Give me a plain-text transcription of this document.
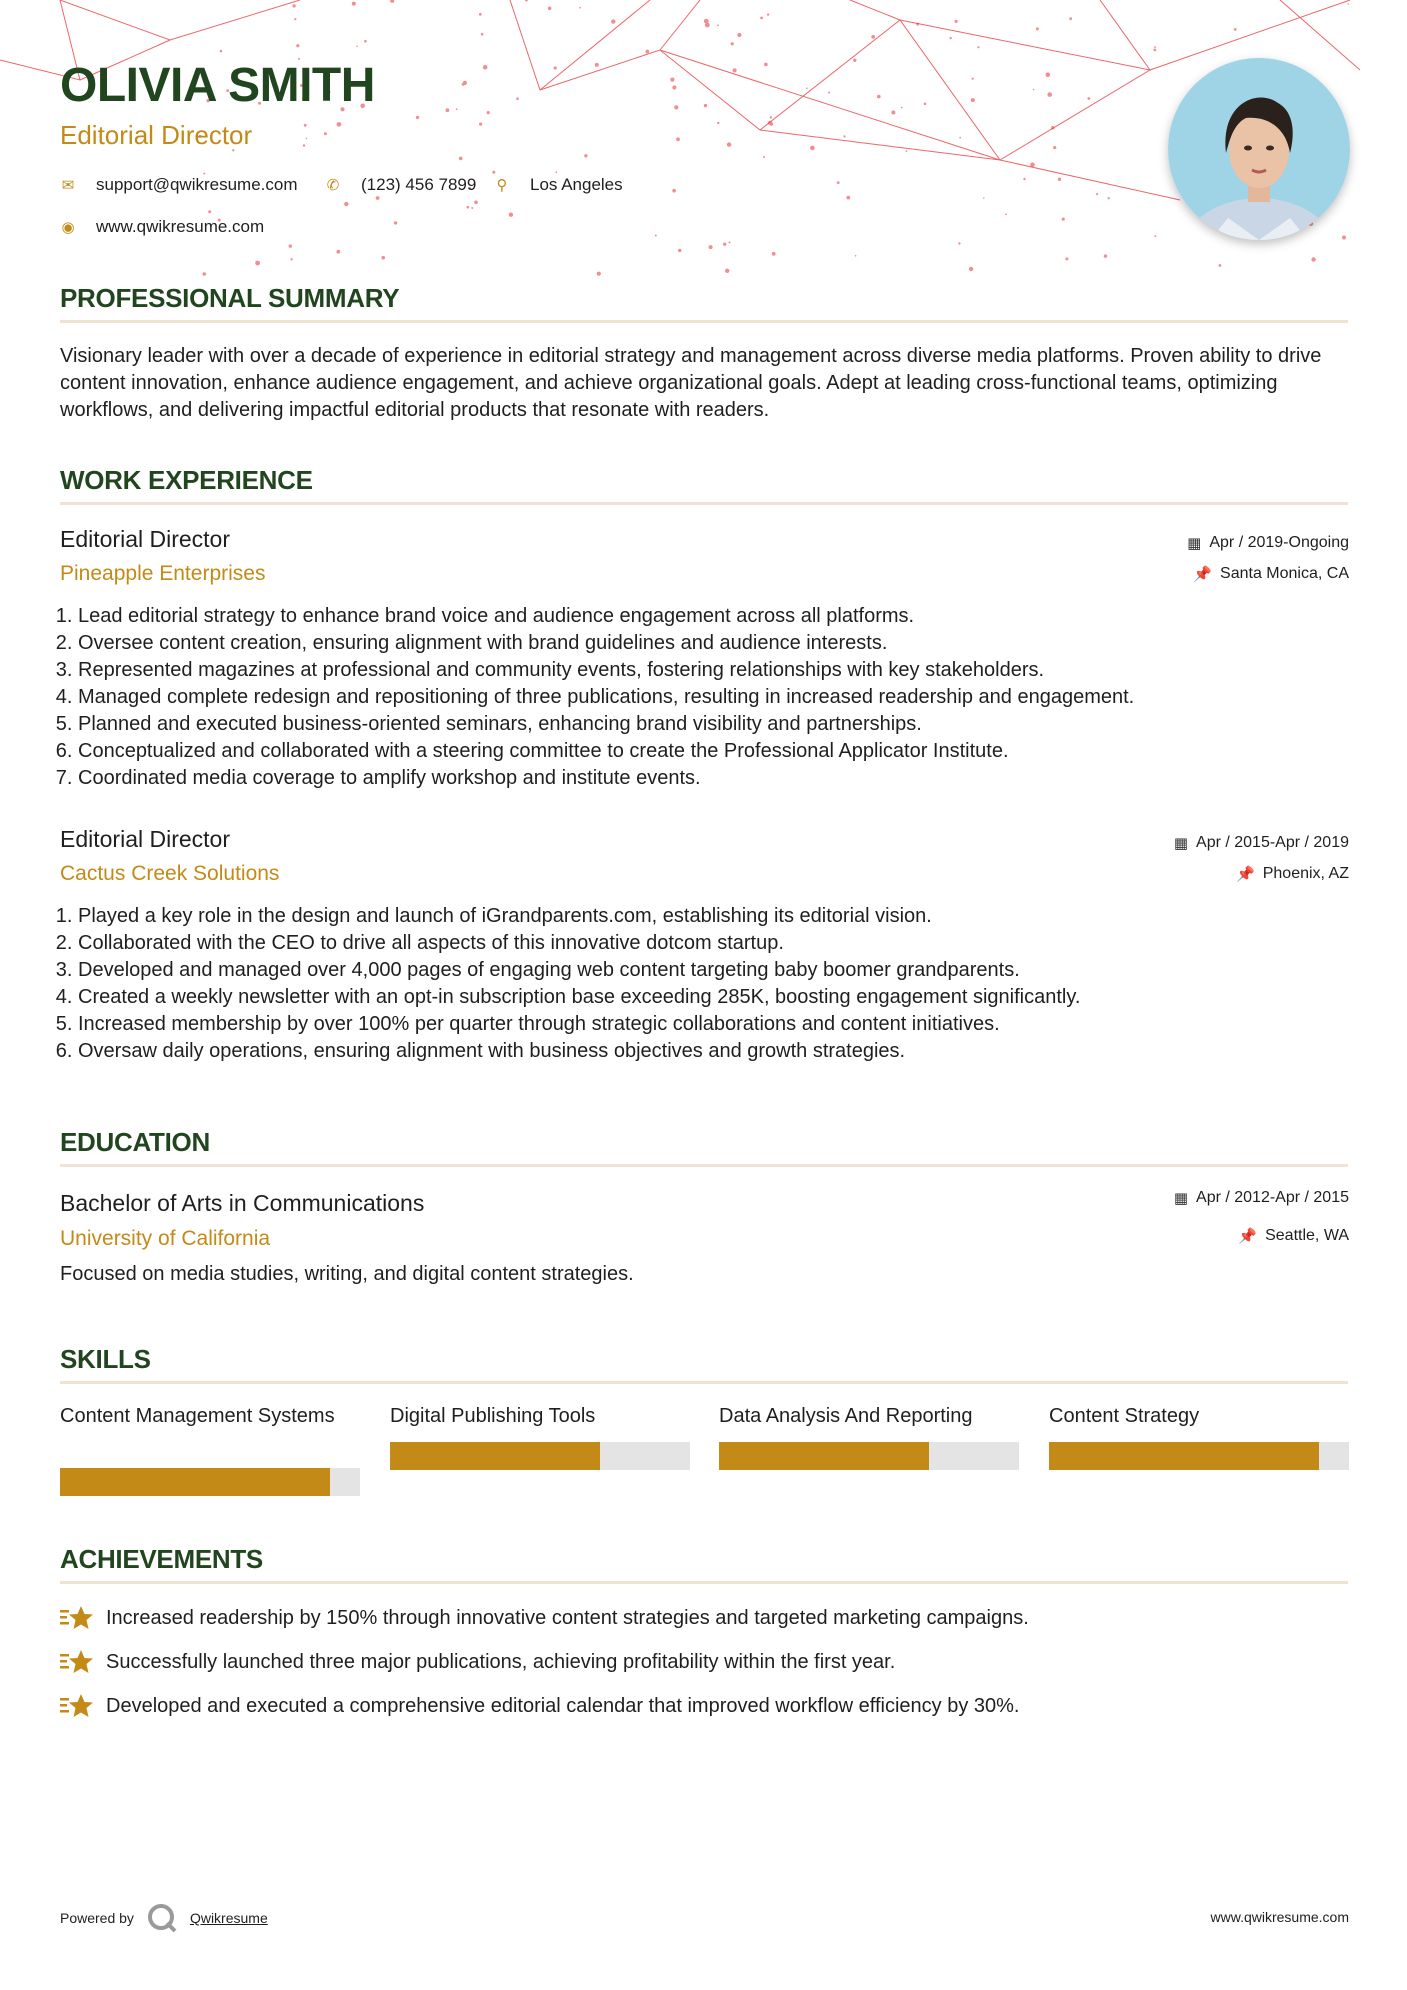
OLIVIA SMITH
Editorial Director
✉ support@qwikresume.com ✆ (123) 456 7899 ⚲ Los Angeles
◉ www.qwikresume.com
PROFESSIONAL SUMMARY
Visionary leader with over a decade of experience in editorial strategy and management across diverse media platforms. Proven ability to drive content innovation, enhance audience engagement, and achieve organizational goals. Adept at leading cross-functional teams, optimizing workflows, and delivering impactful editorial products that resonate with readers.
WORK EXPERIENCE
Editorial Director
Pineapple Enterprises
▦ Apr / 2019-Ongoing
📌 Santa Monica, CA
1. Lead editorial strategy to enhance brand voice and audience engagement across all platforms.
2. Oversee content creation, ensuring alignment with brand guidelines and audience interests.
3. Represented magazines at professional and community events, fostering relationships with key stakeholders.
4. Managed complete redesign and repositioning of three publications, resulting in increased readership and engagement.
5. Planned and executed business-oriented seminars, enhancing brand visibility and partnerships.
6. Conceptualized and collaborated with a steering committee to create the Professional Applicator Institute.
7. Coordinated media coverage to amplify workshop and institute events.
Editorial Director
Cactus Creek Solutions
▦ Apr / 2015-Apr / 2019
📌 Phoenix, AZ
1. Played a key role in the design and launch of iGrandparents.com, establishing its editorial vision.
2. Collaborated with the CEO to drive all aspects of this innovative dotcom startup.
3. Developed and managed over 4,000 pages of engaging web content targeting baby boomer grandparents.
4. Created a weekly newsletter with an opt-in subscription base exceeding 285K, boosting engagement significantly.
5. Increased membership by over 100% per quarter through strategic collaborations and content initiatives.
6. Oversaw daily operations, ensuring alignment with business objectives and growth strategies.
EDUCATION
Bachelor of Arts in Communications
University of California
▦ Apr / 2012-Apr / 2015
📌 Seattle, WA
Focused on media studies, writing, and digital content strategies.
SKILLS
Content Management Systems	Digital Publishing Tools	Data Analysis And Reporting	Content Strategy
ACHIEVEMENTS
Increased readership by 150% through innovative content strategies and targeted marketing campaigns.
Successfully launched three major publications, achieving profitability within the first year.
Developed and executed a comprehensive editorial calendar that improved workflow efficiency by 30%.
Powered by	Qwikresume	www.qwikresume.com
